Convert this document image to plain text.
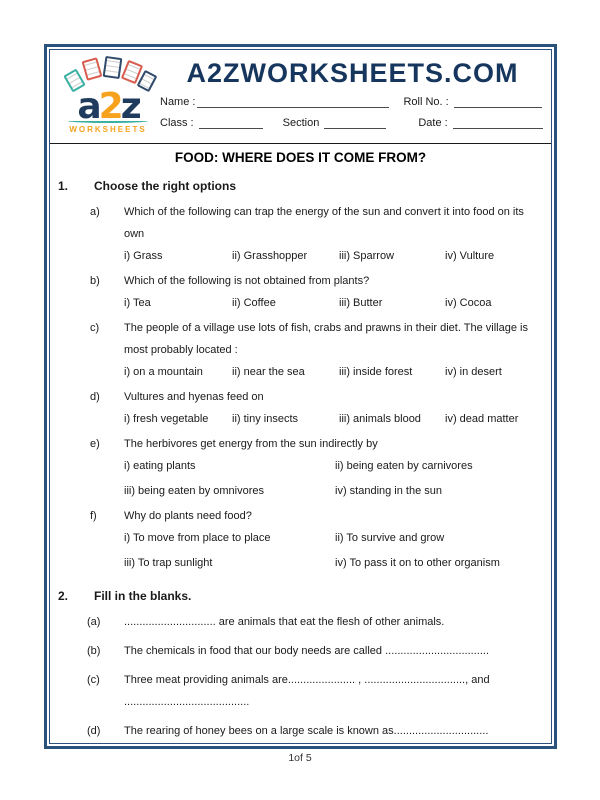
a2z
WORKSHEETS
A2ZWORKSHEETS.COM
Name :	Roll No. :
Class :	Section	Date :
FOOD: WHERE DOES IT COME FROM?
1.	Choose the right options
a)	Which of the following can trap the energy of the sun and convert it into food on its own
i) Grass	ii) Grasshopper	iii) Sparrow	iv) Vulture
b)	Which of the following is not obtained from plants?
i) Tea	ii) Coffee	iii) Butter	iv) Cocoa
c)	The people of a village use lots of fish, crabs and prawns in their diet. The village is most probably located :
i) on a mountain	ii) near the sea	iii) inside forest	iv) in desert
d)	Vultures and hyenas feed on
i) fresh vegetable	ii) tiny insects	iii) animals blood	iv) dead matter
e)	The herbivores get energy from the sun indirectly by
i) eating plants	ii) being eaten by carnivores
iii) being eaten by omnivores	iv) standing in the sun
f)	Why do plants need food?
i) To move from place to place	ii) To survive and grow
iii) To trap sunlight	iv) To pass it on to other organism
2.	Fill in the blanks.
(a)	.............................. are animals that eat the flesh of other animals.
(b)	The chemicals in food that our body needs are called ..................................
(c)	Three meat providing animals are...................... , ................................., and .........................................
(d)	The rearing of honey bees on a large scale is known as...............................
1of 5
